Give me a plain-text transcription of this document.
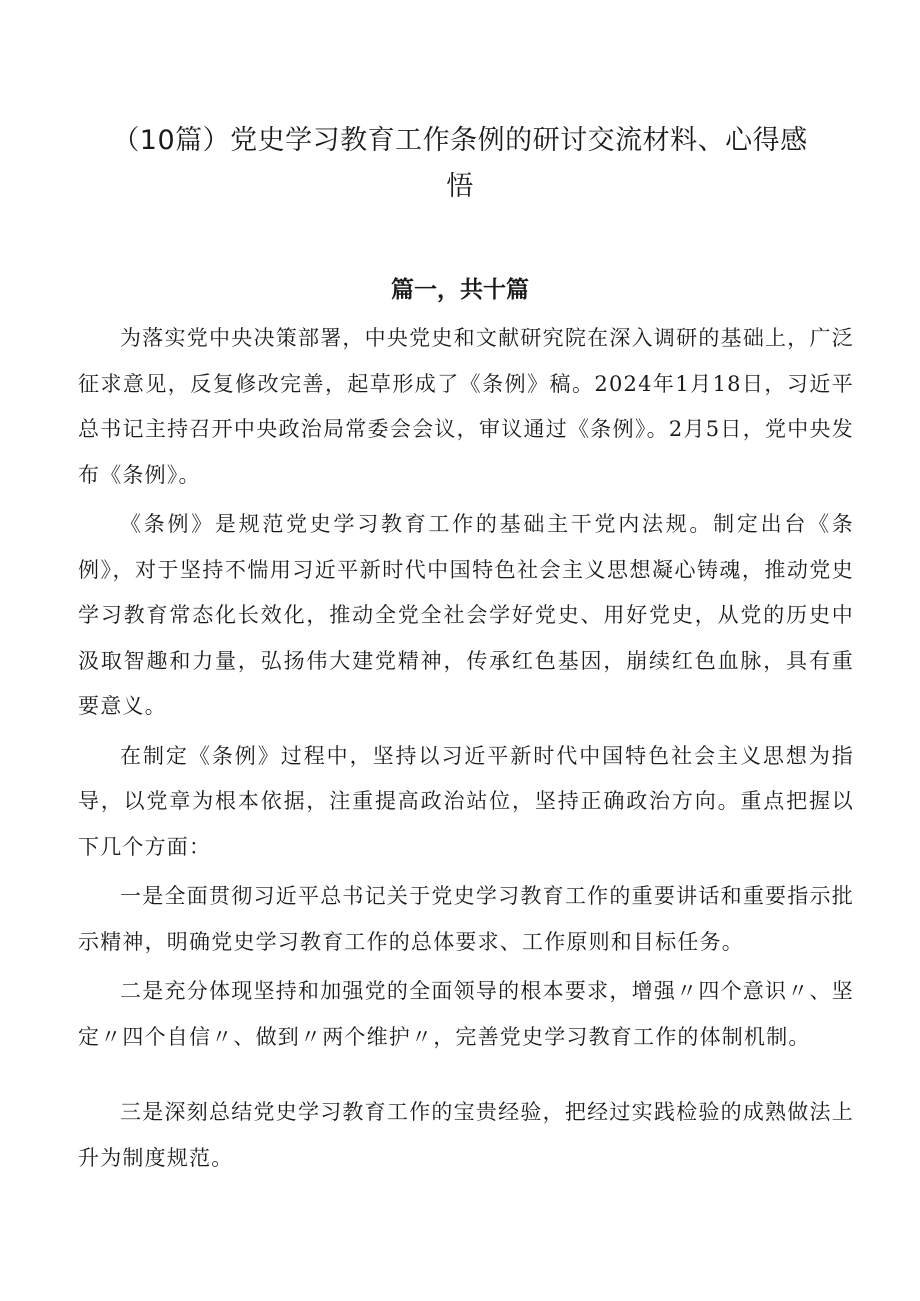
（10篇）党史学习教育工作条例的研讨交流材料、心得感悟
篇一，共十篇

为落实党中央决策部署，中央党史和文献研究院在深入调研的基础上，广泛征求意见，反复修改完善，起草形成了《条例》稿。2024年1月18日，习近平总书记主持召开中央政治局常委会会议，审议通过《条例》。2月5日，党中央发布《条例》。

《条例》是规范党史学习教育工作的基础主干党内法规。制定出台《条例》，对于坚持不惴用习近平新时代中国特色社会主义思想凝心铸魂，推动党史学习教育常态化长效化，推动全党全社会学好党史、用好党史，从党的历史中汲取智趣和力量，弘扬伟大建党精神，传承红色基因，崩续红色血脉，具有重要意义。

在制定《条例》过程中，坚持以习近平新时代中国特色社会主义思想为指导，以党章为根本依据，注重提高政治站位，坚持正确政治方向。重点把握以下几个方面：

一是全面贯彻习近平总书记关于党史学习教育工作的重要讲话和重要指示批示精神，明确党史学习教育工作的总体要求、工作原则和目标任务。

二是充分体现坚持和加强党的全面领导的根本要求，增强〃四个意识〃、坚定〃四个自信〃、做到〃两个维护〃，完善党史学习教育工作的体制机制。

三是深刻总结党史学习教育工作的宝贵经验，把经过实践检验的成熟做法上升为制度规范。
